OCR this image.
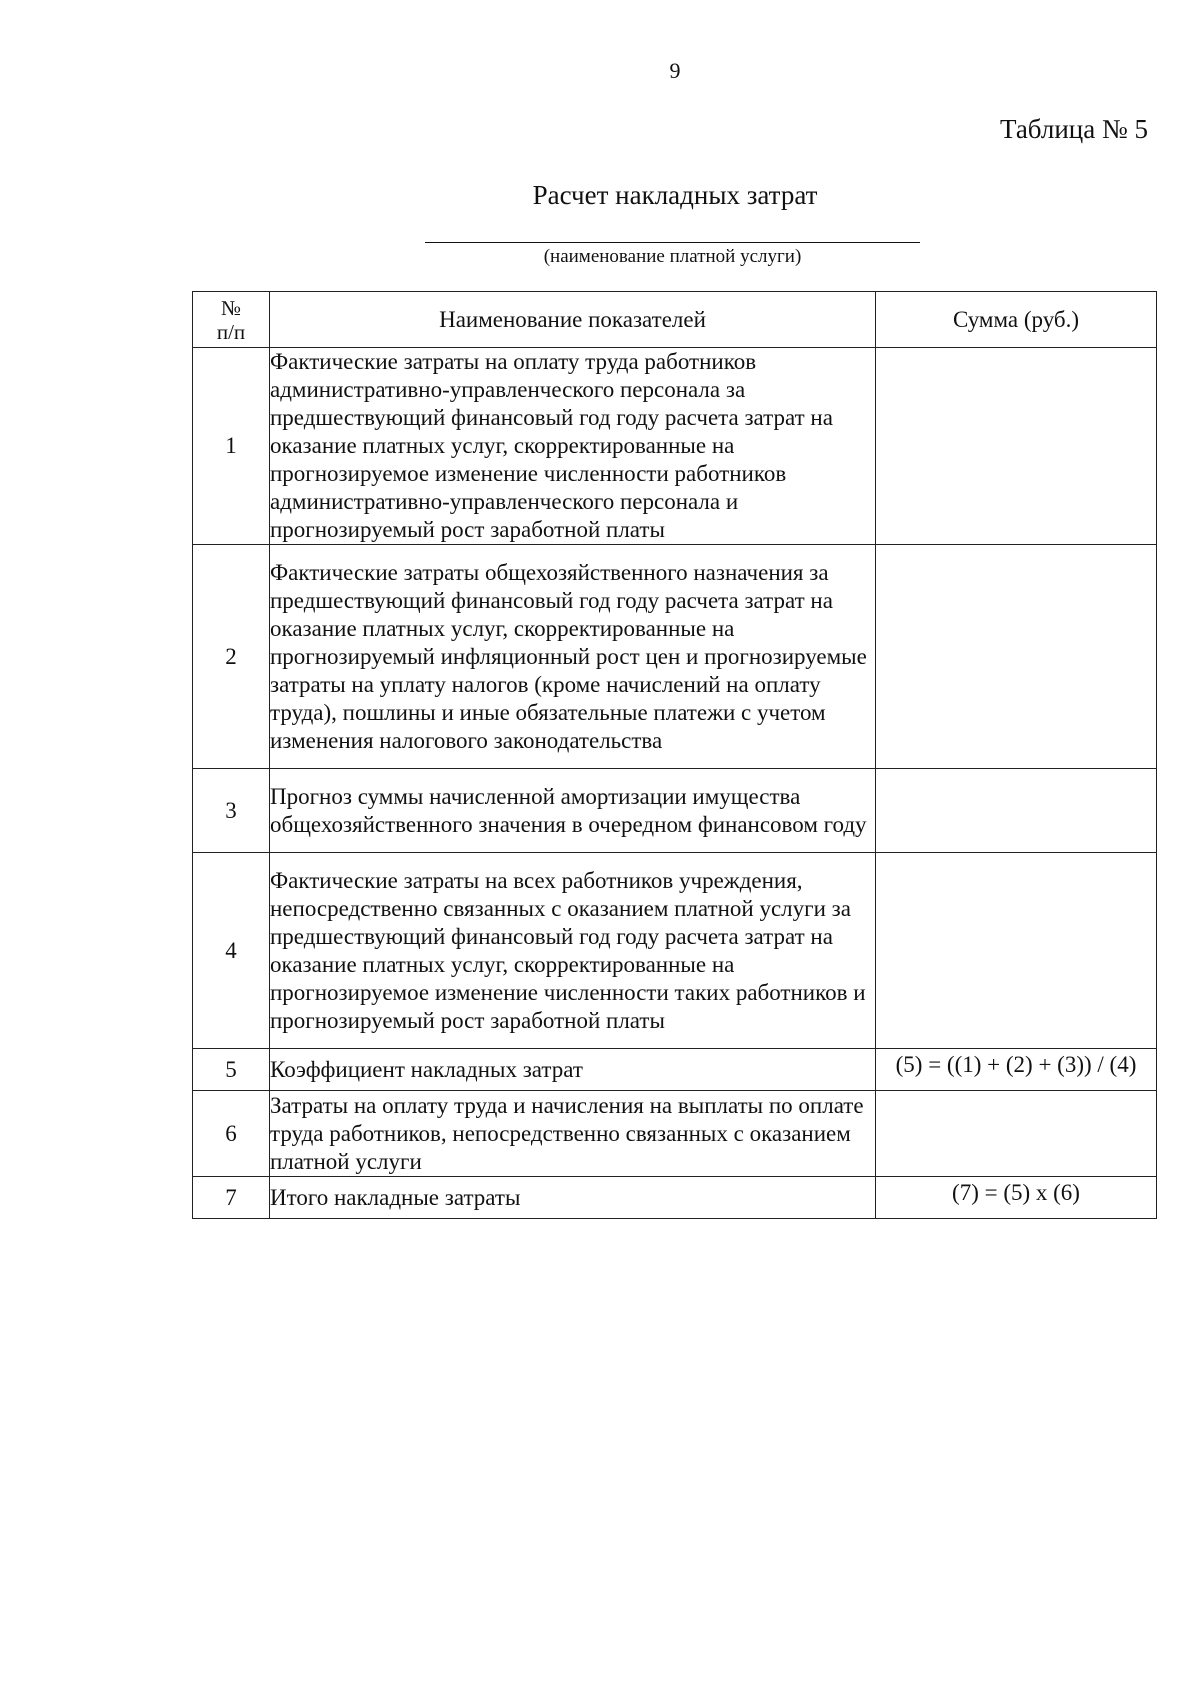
9
Таблица № 5
Расчет накладных затрат
(наименование платной услуги)
№
п/п	Наименование показателей	Сумма (руб.)
1	Фактические затраты на оплату труда работников административно-управленческого персонала за предшествующий финансовый год году расчета затрат на оказание платных услуг, скорректированные на прогнозируемое изменение численности работников административно-управленческого персонала и прогнозируемый рост заработной платы	
2	Фактические затраты общехозяйственного назначения за предшествующий финансовый год году расчета затрат на оказание платных услуг, скорректированные на прогнозируемый инфляционный рост цен и прогнозируемые затраты на уплату налогов (кроме начислений на оплату труда), пошлины и иные обязательные платежи с учетом изменения налогового законодательства	
3	Прогноз суммы начисленной амортизации имущества общехозяйственного значения в очередном финансовом году	
4	Фактические затраты на всех работников учреждения, непосредственно связанных с оказанием платной услуги за предшествующий финансовый год году расчета затрат на оказание платных услуг, скорректированные на прогнозируемое изменение численности таких работников и прогнозируемый рост заработной платы	
5	Коэффициент накладных затрат	(5) = ((1) + (2) + (3)) / (4)
6	Затраты на оплату труда и начисления на выплаты по оплате труда работников, непосредственно связанных с оказанием платной услуги	
7	Итого накладные затраты	(7) = (5) x (6)
